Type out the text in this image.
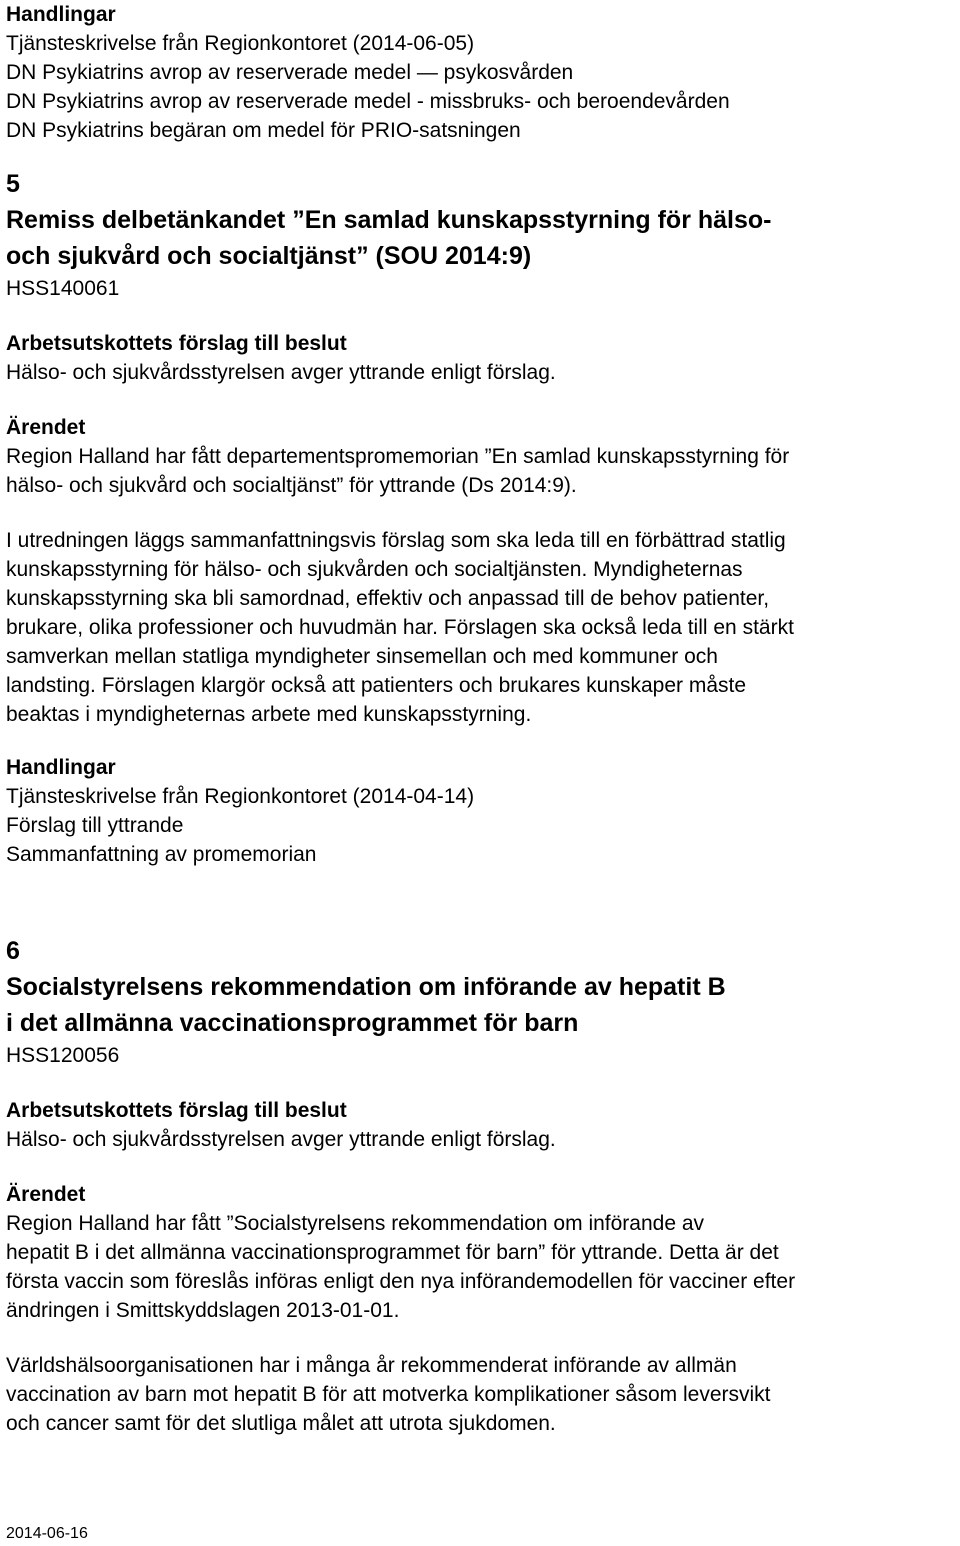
Handlingar
Tjänsteskrivelse från Regionkontoret (2014-06-05)
DN Psykiatrins avrop av reserverade medel — psykosvården
DN Psykiatrins avrop av reserverade medel - missbruks- och beroendevården
DN Psykiatrins begäran om medel för PRIO-satsningen
5
Remiss delbetänkandet ”En samlad kunskapsstyrning för hälso-
och sjukvård och socialtjänst” (SOU 2014:9)
HSS140061
Arbetsutskottets förslag till beslut
Hälso- och sjukvårdsstyrelsen avger yttrande enligt förslag.
Ärendet
Region Halland har fått departementspromemorian ”En samlad kunskapsstyrning för
hälso- och sjukvård och socialtjänst” för yttrande (Ds 2014:9).
I utredningen läggs sammanfattningsvis förslag som ska leda till en förbättrad statlig
kunskapsstyrning för hälso- och sjukvården och socialtjänsten. Myndigheternas
kunskapsstyrning ska bli samordnad, effektiv och anpassad till de behov patienter,
brukare, olika professioner och huvudmän har. Förslagen ska också leda till en stärkt
samverkan mellan statliga myndigheter sinsemellan och med kommuner och
landsting. Förslagen klargör också att patienters och brukares kunskaper måste
beaktas i myndigheternas arbete med kunskapsstyrning.
Handlingar
Tjänsteskrivelse från Regionkontoret (2014-04-14)
Förslag till yttrande
Sammanfattning av promemorian
6
Socialstyrelsens rekommendation om införande av hepatit B
i det allmänna vaccinationsprogrammet för barn
HSS120056
Arbetsutskottets förslag till beslut
Hälso- och sjukvårdsstyrelsen avger yttrande enligt förslag.
Ärendet
Region Halland har fått ”Socialstyrelsens rekommendation om införande av
hepatit B i det allmänna vaccinationsprogrammet för barn” för yttrande. Detta är det
första vaccin som föreslås införas enligt den nya införandemodellen för vacciner efter
ändringen i Smittskyddslagen 2013-01-01.
Världshälsoorganisationen har i många år rekommenderat införande av allmän
vaccination av barn mot hepatit B för att motverka komplikationer såsom leversvikt
och cancer samt för det slutliga målet att utrota sjukdomen.
2014-06-16
